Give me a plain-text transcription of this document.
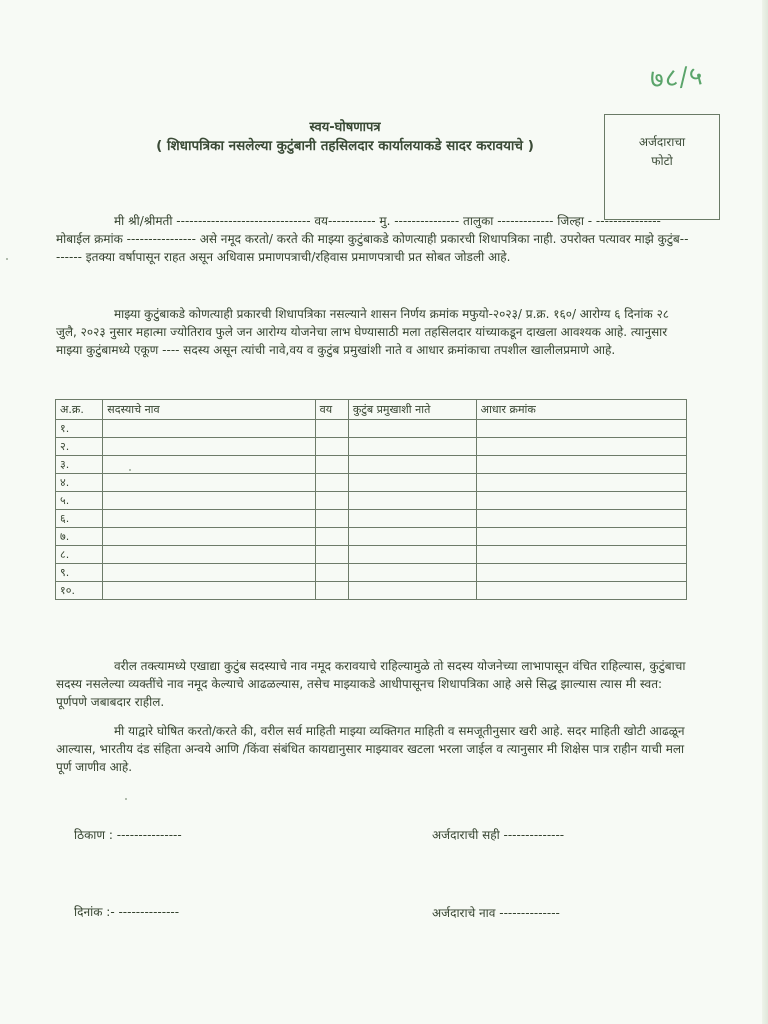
७८/५
स्वय-घोषणापत्र
( शिधापत्रिका नसलेल्या कुटुंबानी तहसिलदार कार्यालयाकडे सादर करावयाचे )	अर्जदाराचा
फोटो
मी श्री/श्रीमती ------------------------------- वय----------- मु. --------------- तालुका ------------- जिल्हा - --------------- मोबाईल क्रमांक ---------------- असे नमूद करतो/ करते की माझ्या कुटुंबाकडे कोणत्याही प्रकारची शिधापत्रिका नाही. उपरोक्त पत्यावर माझे कुटुंब-------- इतक्या वर्षापासून राहत असून अधिवास प्रमाणपत्राची/रहिवास प्रमाणपत्राची प्रत सोबत जोडली आहे.
माझ्या कुटुंबाकडे कोणत्याही प्रकारची शिधापत्रिका नसल्याने शासन निर्णय क्रमांक मफुयो-२०२३/ प्र.क्र. १६०/ आरोग्य ६ दिनांक २८ जुलै, २०२३ नुसार महात्मा ज्योतिराव फुले जन आरोग्य योजनेचा लाभ घेण्यासाठी मला तहसिलदार यांच्याकडून दाखला आवश्यक आहे. त्यानुसार माझ्या कुटुंबामध्ये एकूण ---- सदस्य असून त्यांची नावे,वय व कुटुंब प्रमुखांशी नाते व आधार क्रमांकाचा तपशील खालीलप्रमाणे आहे.
अ.क्र.	सदस्याचे नाव	वय	कुटुंब प्रमुखाशी नाते	आधार क्रमांक
१.				
२.				
३.				
४.				
५.				
६.				
७.				
८.				
९.				
१०.				
वरील तक्त्यामध्ये एखाद्या कुटुंब सदस्याचे नाव नमूद करावयाचे राहिल्यामुळे तो सदस्य योजनेच्या लाभापासून वंचित राहिल्यास, कुटुंबाचा सदस्य नसलेल्या व्यक्तींचे नाव नमूद केल्याचे आढळल्यास, तसेच माझ्याकडे आधीपासूनच शिधापत्रिका आहे असे सिद्ध झाल्यास त्यास मी स्वत: पूर्णपणे जबाबदार राहील.
मी याद्वारे घोषित करतो/करते की, वरील सर्व माहिती माझ्या व्यक्तिगत माहिती व समजूतीनुसार खरी आहे. सदर माहिती खोटी आढळून आल्यास, भारतीय दंड संहिता अन्वये आणि /किंवा संबंधित कायद्यानुसार माझ्यावर खटला भरला जाईल व त्यानुसार मी शिक्षेस पात्र राहीन याची मला पूर्ण जाणीव आहे.
ठिकाण : ---------------	अर्जदाराची सही --------------
दिनांक :- --------------	अर्जदाराचे नाव --------------
